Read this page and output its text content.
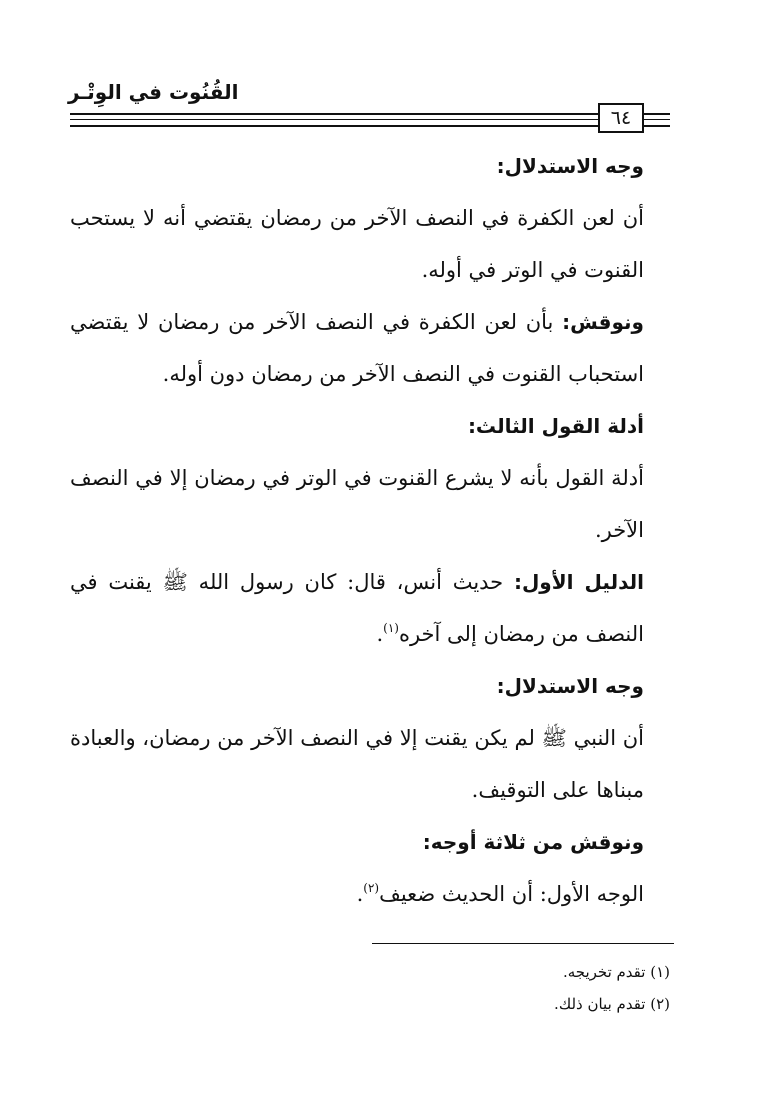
القُنُوت في الوِتْـر
٦٤

وجه الاستدلال:

أن لعن الكفرة في النصف الآخر من رمضان يقتضي أنه لا يستحب القنوت في الوتر في أوله.

ونوقش: بأن لعن الكفرة في النصف الآخر من رمضان لا يقتضي استحباب القنوت في النصف الآخر من رمضان دون أوله.

أدلة القول الثالث:

أدلة القول بأنه لا يشرع القنوت في الوتر في رمضان إلا في النصف الآخر.

الدليل الأول: حديث أنس، قال: كان رسول الله ﷺ يقنت في النصف من رمضان إلى آخره$^{(١)}$.

وجه الاستدلال:

أن النبي ﷺ لم يكن يقنت إلا في النصف الآخر من رمضان، والعبادة مبناها على التوقيف.

ونوقش من ثلاثة أوجه:

الوجه الأول: أن الحديث ضعيف$^{(٢)}$.

(١) تقدم تخريجه.

(٢) تقدم بيان ذلك.
